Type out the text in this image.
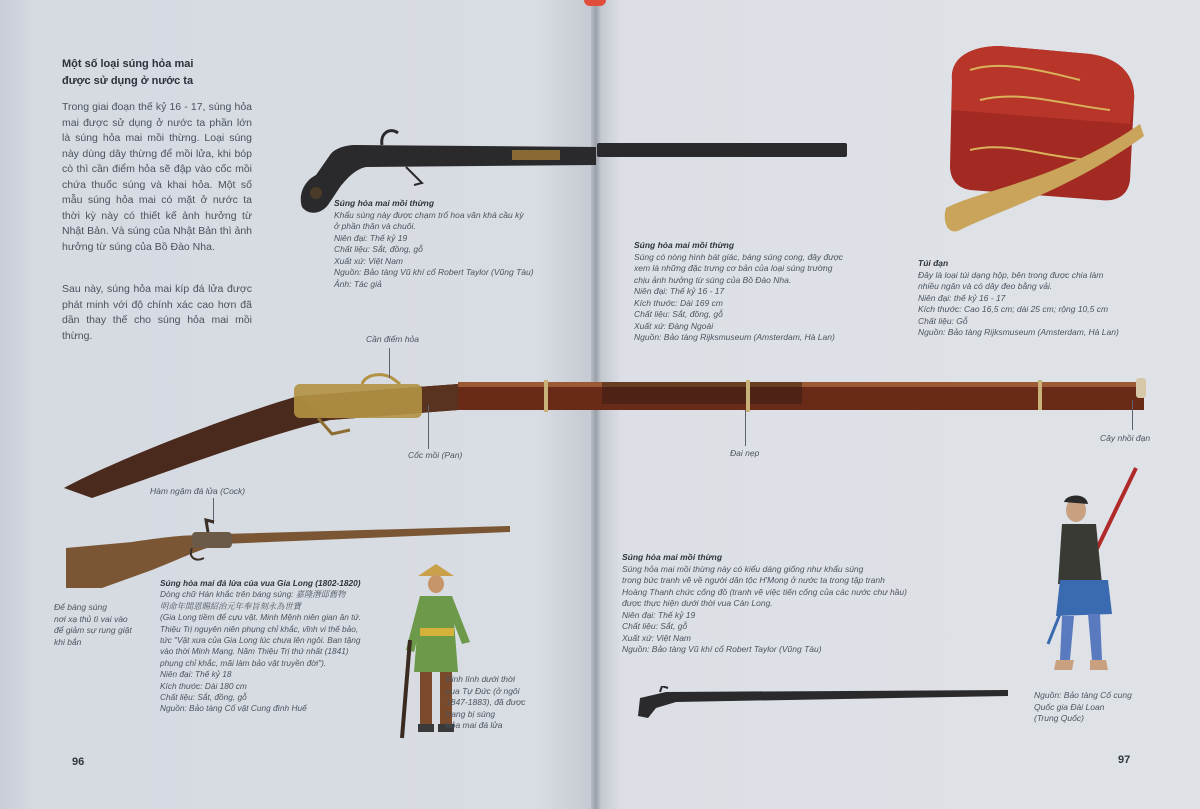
Một số loại súng hỏa mai
được sử dụng ở nước ta

Trong giai đoạn thế kỷ 16 - 17, súng hỏa mai được sử dụng ở nước ta phần lớn là súng hỏa mai mồi thừng. Loại súng này dùng dây thừng để mồi lửa, khi bóp cò thì cần điểm hỏa sẽ đập vào cốc mồi chứa thuốc súng và khai hỏa. Một số mẫu súng hỏa mai có mặt ở nước ta thời kỳ này có thiết kế ảnh hưởng từ Nhật Bản. Và súng của Nhật Bản thì ảnh hưởng từ súng của Bồ Đào Nha.

Sau này, súng hỏa mai kíp đá lửa được phát minh với độ chính xác cao hơn đã dần thay thế cho súng hỏa mai mồi thừng.

Súng hỏa mai mồi thừng
Khẩu súng này được chạm trổ hoa văn khá cầu kỳ
ở phần thân và chuôi.
Niên đại: Thế kỷ 19
Chất liệu: Sắt, đồng, gỗ
Xuất xứ: Việt Nam
Nguồn: Bảo tàng Vũ khí cổ Robert Taylor (Vũng Tàu)
Ảnh: Tác giả
Cần điểm hỏa
Cốc mồi (Pan)
Hàm ngậm đá lửa (Cock)
Để báng súng
nơi xạ thủ tì vai vào
để giảm sự rung giật
khi bắn
Súng hỏa mai đá lửa của vua Gia Long (1802-1820)
Dòng chữ Hán khắc trên báng súng: 嘉隆潛邸舊物
明命年間恩賜紹治元年奉旨刻永為世寶
(Gia Long tiềm để cựu vật. Minh Mệnh niên gian ân tứ.
Thiệu Trị nguyên niên phụng chỉ khắc, vĩnh vi thế bảo,
tức "Vật xưa của Gia Long lúc chưa lên ngôi. Ban tặng
vào thời Minh Mạng. Năm Thiệu Trị thứ nhất (1841)
phụng chỉ khắc, mãi làm bảo vật truyền đời").
Niên đại: Thế kỷ 18
Kích thước: Dài 180 cm
Chất liệu: Sắt, đồng, gỗ
Nguồn: Bảo tàng Cổ vật Cung đình Huế
Binh lính dưới thời
vua Tự Đức (ở ngôi
1847-1883), đã được
trang bị súng
hỏa mai đá lửa
96
Túi đạn
Đây là loại túi dạng hộp, bên trong được chia làm
nhiều ngăn và có dây đeo bằng vải.
Niên đại: thế kỷ 16 - 17
Kích thước: Cao 16,5 cm; dài 25 cm; rộng 10,5 cm
Chất liệu: Gỗ
Nguồn: Bảo tàng Rijksmuseum (Amsterdam, Hà Lan)
Súng hỏa mai mồi thừng
Súng có nòng hình bát giác, báng súng cong, đây được
xem là những đặc trưng cơ bản của loại súng trường
chịu ảnh hưởng từ súng của Bồ Đào Nha.
Niên đại: Thế kỷ 16 - 17
Kích thước: Dài 169 cm
Chất liệu: Sắt, đồng, gỗ
Xuất xứ: Đàng Ngoài
Nguồn: Bảo tàng Rijksmuseum (Amsterdam, Hà Lan)
Đai nẹp
Cây nhồi đạn
Súng hỏa mai mồi thừng
Súng hỏa mai mồi thừng này có kiểu dáng giống như khẩu súng
trong bức tranh vẽ về người dân tộc H'Mong ở nước ta trong tập tranh
Hoàng Thanh chức cống đồ (tranh vẽ việc tiến cống của các nước chư hầu)
được thực hiện dưới thời vua Càn Long.
Niên đại: Thế kỷ 19
Chất liệu: Sắt, gỗ
Xuất xứ: Việt Nam
Nguồn: Bảo tàng Vũ khí cổ Robert Taylor (Vũng Tàu)
Nguồn: Bảo tàng Cố cung
Quốc gia Đài Loan
(Trung Quốc)
97
